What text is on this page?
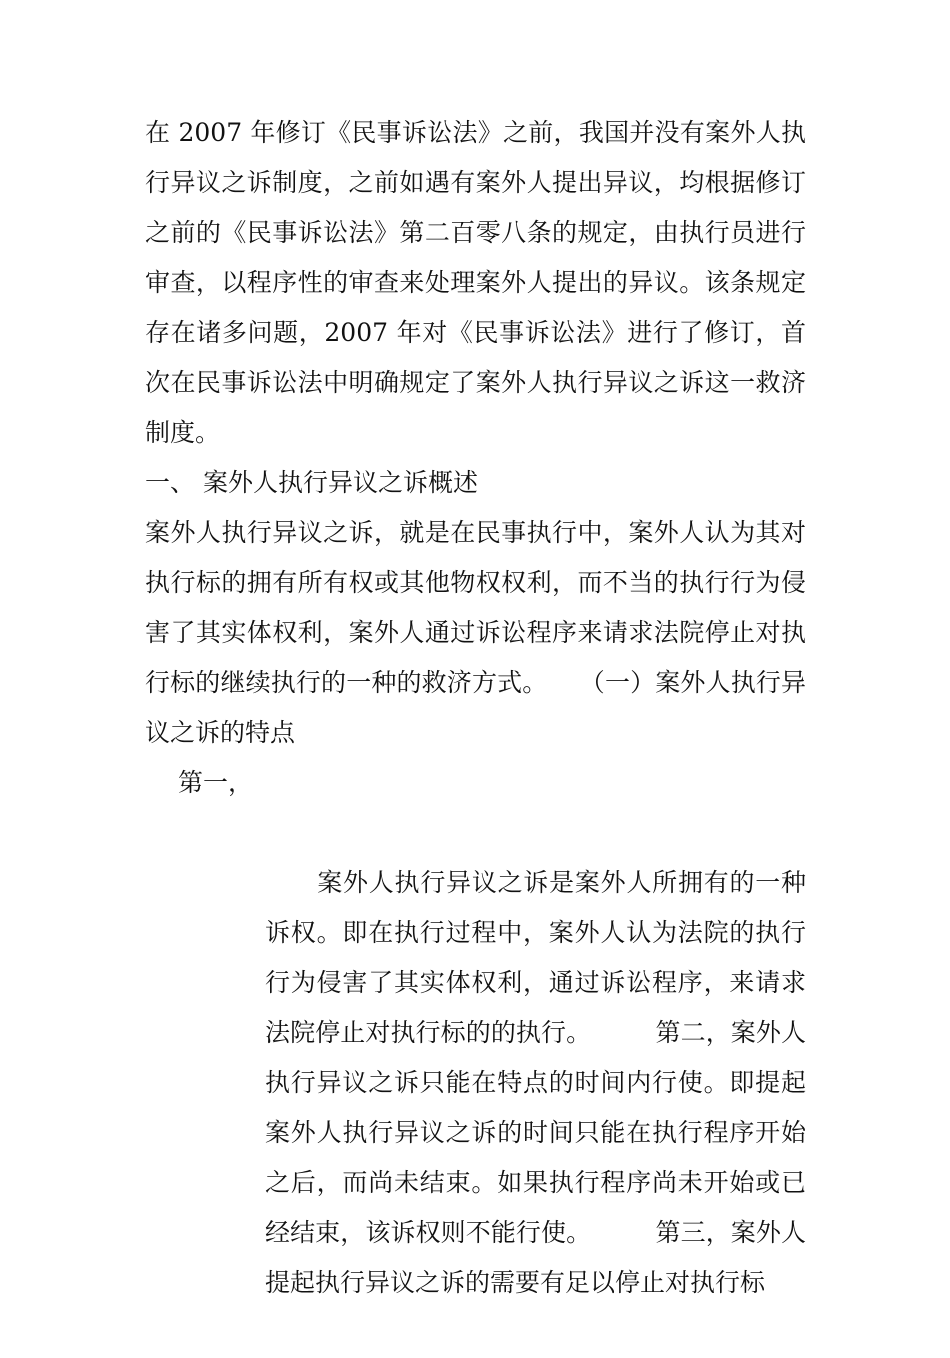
在 2007 年修订《民事诉讼法》之前，我国并没有案外人执行异议之诉制度，之前如遇有案外人提出异议，均根据修订之前的《民事诉讼法》第二百零八条的规定，由执行员进行审查，以程序性的审查来处理案外人提出的异议。该条规定存在诸多问题，2007 年对《民事诉讼法》进行了修订，首次在民事诉讼法中明确规定了案外人执行异议之诉这一救济制度。

一、 案外人执行异议之诉概述

案外人执行异议之诉，就是在民事执行中，案外人认为其对执行标的拥有所有权或其他物权权利，而不当的执行行为侵害了其实体权利，案外人通过诉讼程序来请求法院停止对执行标的继续执行的一种的救济方式。    （一）案外人执行异议之诉的特点

第一，

案外人执行异议之诉是案外人所拥有的一种诉权。即在执行过程中，案外人认为法院的执行行为侵害了其实体权利，通过诉讼程序，来请求法院停止对执行标的的执行。        第二，案外人执行异议之诉只能在特点的时间内行使。即提起案外人执行异议之诉的时间只能在执行程序开始之后，而尚未结束。如果执行程序尚未开始或已经结束，该诉权则不能行使。        第三，案外人提起执行异议之诉的需要有足以停止对执行标
